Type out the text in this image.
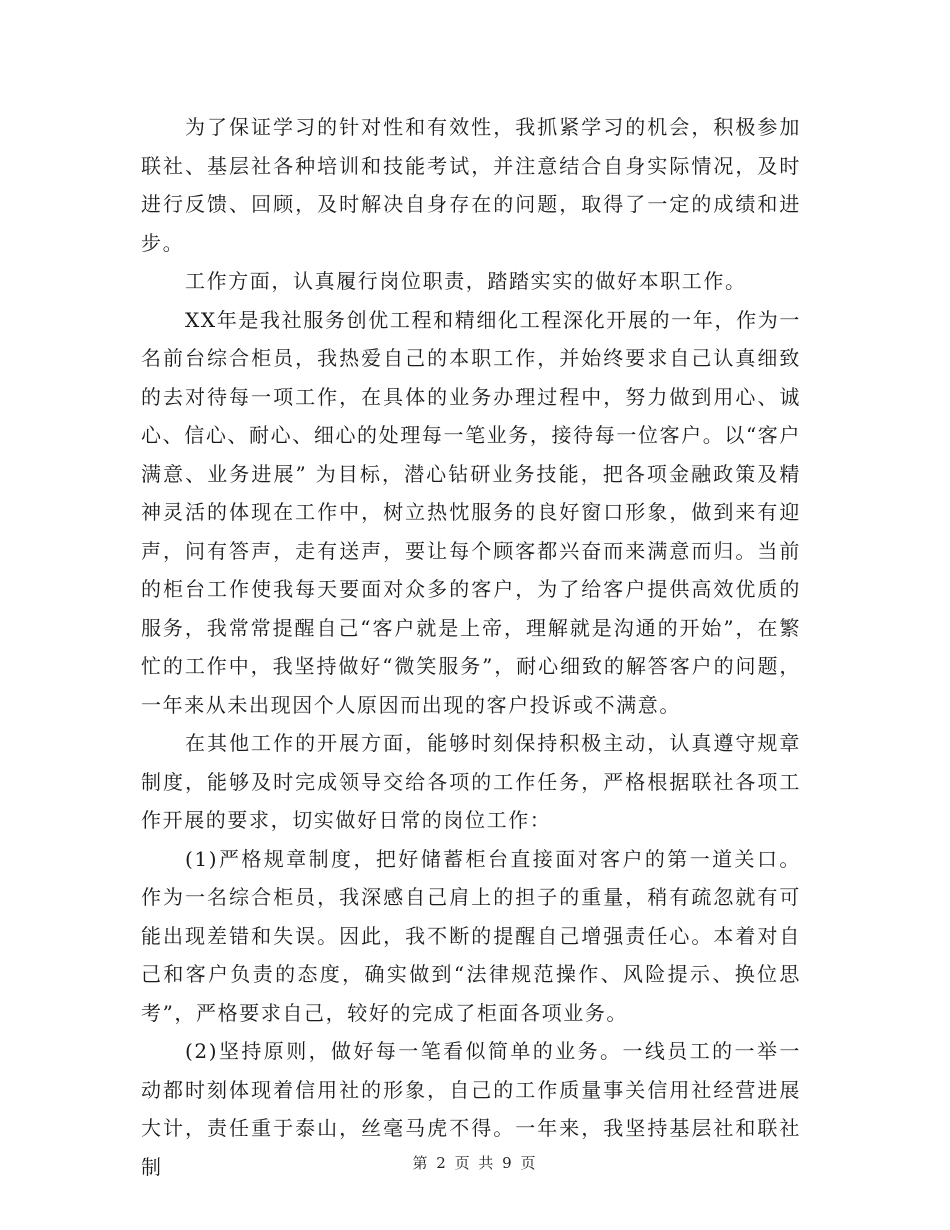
为了保证学习的针对性和有效性，我抓紧学习的机会，积极参加联社、基层社各种培训和技能考试，并注意结合自身实际情况，及时进行反馈、回顾，及时解决自身存在的问题，取得了一定的成绩和进步。

工作方面，认真履行岗位职责，踏踏实实的做好本职工作。

XX年是我社服务创优工程和精细化工程深化开展的一年，作为一名前台综合柜员，我热爱自己的本职工作，并始终要求自己认真细致的去对待每一项工作，在具体的业务办理过程中，努力做到用心、诚心、信心、耐心、细心的处理每一笔业务，接待每一位客户。以“客户满意、业务进展” 为目标，潜心钻研业务技能，把各项金融政策及精神灵活的体现在工作中，树立热忱服务的良好窗口形象，做到来有迎声，问有答声，走有送声，要让每个顾客都兴奋而来满意而归。当前的柜台工作使我每天要面对众多的客户，为了给客户提供高效优质的服务，我常常提醒自己“客户就是上帝，理解就是沟通的开始”，在繁忙的工作中，我坚持做好“微笑服务”，耐心细致的解答客户的问题，一年来从未出现因个人原因而出现的客户投诉或不满意。

在其他工作的开展方面，能够时刻保持积极主动，认真遵守规章制度，能够及时完成领导交给各项的工作任务，严格根据联社各项工作开展的要求，切实做好日常的岗位工作：

(1)严格规章制度，把好储蓄柜台直接面对客户的第一道关口。作为一名综合柜员，我深感自己肩上的担子的重量，稍有疏忽就有可能出现差错和失误。因此，我不断的提醒自己增强责任心。本着对自己和客户负责的态度，确实做到“法律规范操作、风险提示、换位思考”，严格要求自己，较好的完成了柜面各项业务。

(2)坚持原则，做好每一笔看似简单的业务。一线员工的一举一动都时刻体现着信用社的形象，自己的工作质量事关信用社经营进展大计，责任重于泰山，丝毫马虎不得。一年来，我坚持基层社和联社制	第 2 页 共 9 页
